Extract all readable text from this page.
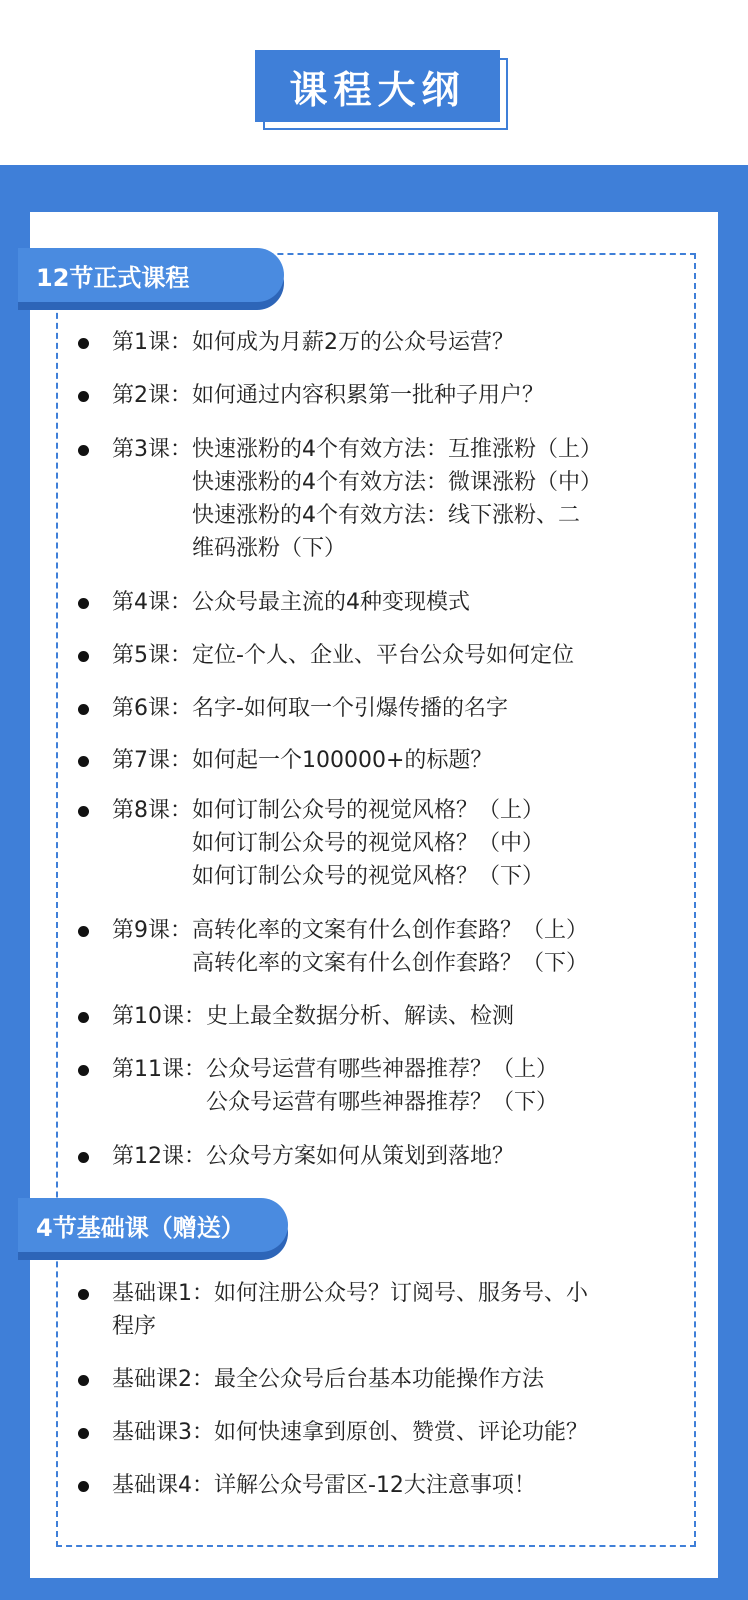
课程大纲
12节正式课程
第1课： 如何成为月薪2万的公众号运营？
第2课： 如何通过内容积累第一批种子用户？
第3课： 快速涨粉的4个有效方法：互推涨粉（上）
快速涨粉的4个有效方法：微课涨粉（中）
快速涨粉的4个有效方法：线下涨粉、二
维码涨粉（下）
第4课： 公众号最主流的4种变现模式
第5课： 定位-个人、企业、平台公众号如何定位
第6课： 名字-如何取一个引爆传播的名字
第7课： 如何起一个100000+的标题？
第8课： 如何订制公众号的视觉风格？（上）
如何订制公众号的视觉风格？（中）
如何订制公众号的视觉风格？（下）
第9课： 高转化率的文案有什么创作套路？（上）
高转化率的文案有什么创作套路？（下）
第10课： 史上最全数据分析、解读、检测
第11课： 公众号运营有哪些神器推荐？（上）
公众号运营有哪些神器推荐？（下）
第12课： 公众号方案如何从策划到落地？
4节基础课（赠送）
基础课1： 如何注册公众号？订阅号、服务号、小
程序
基础课2： 最全公众号后台基本功能操作方法
基础课3： 如何快速拿到原创、赞赏、评论功能？
基础课4： 详解公众号雷区-12大注意事项！
